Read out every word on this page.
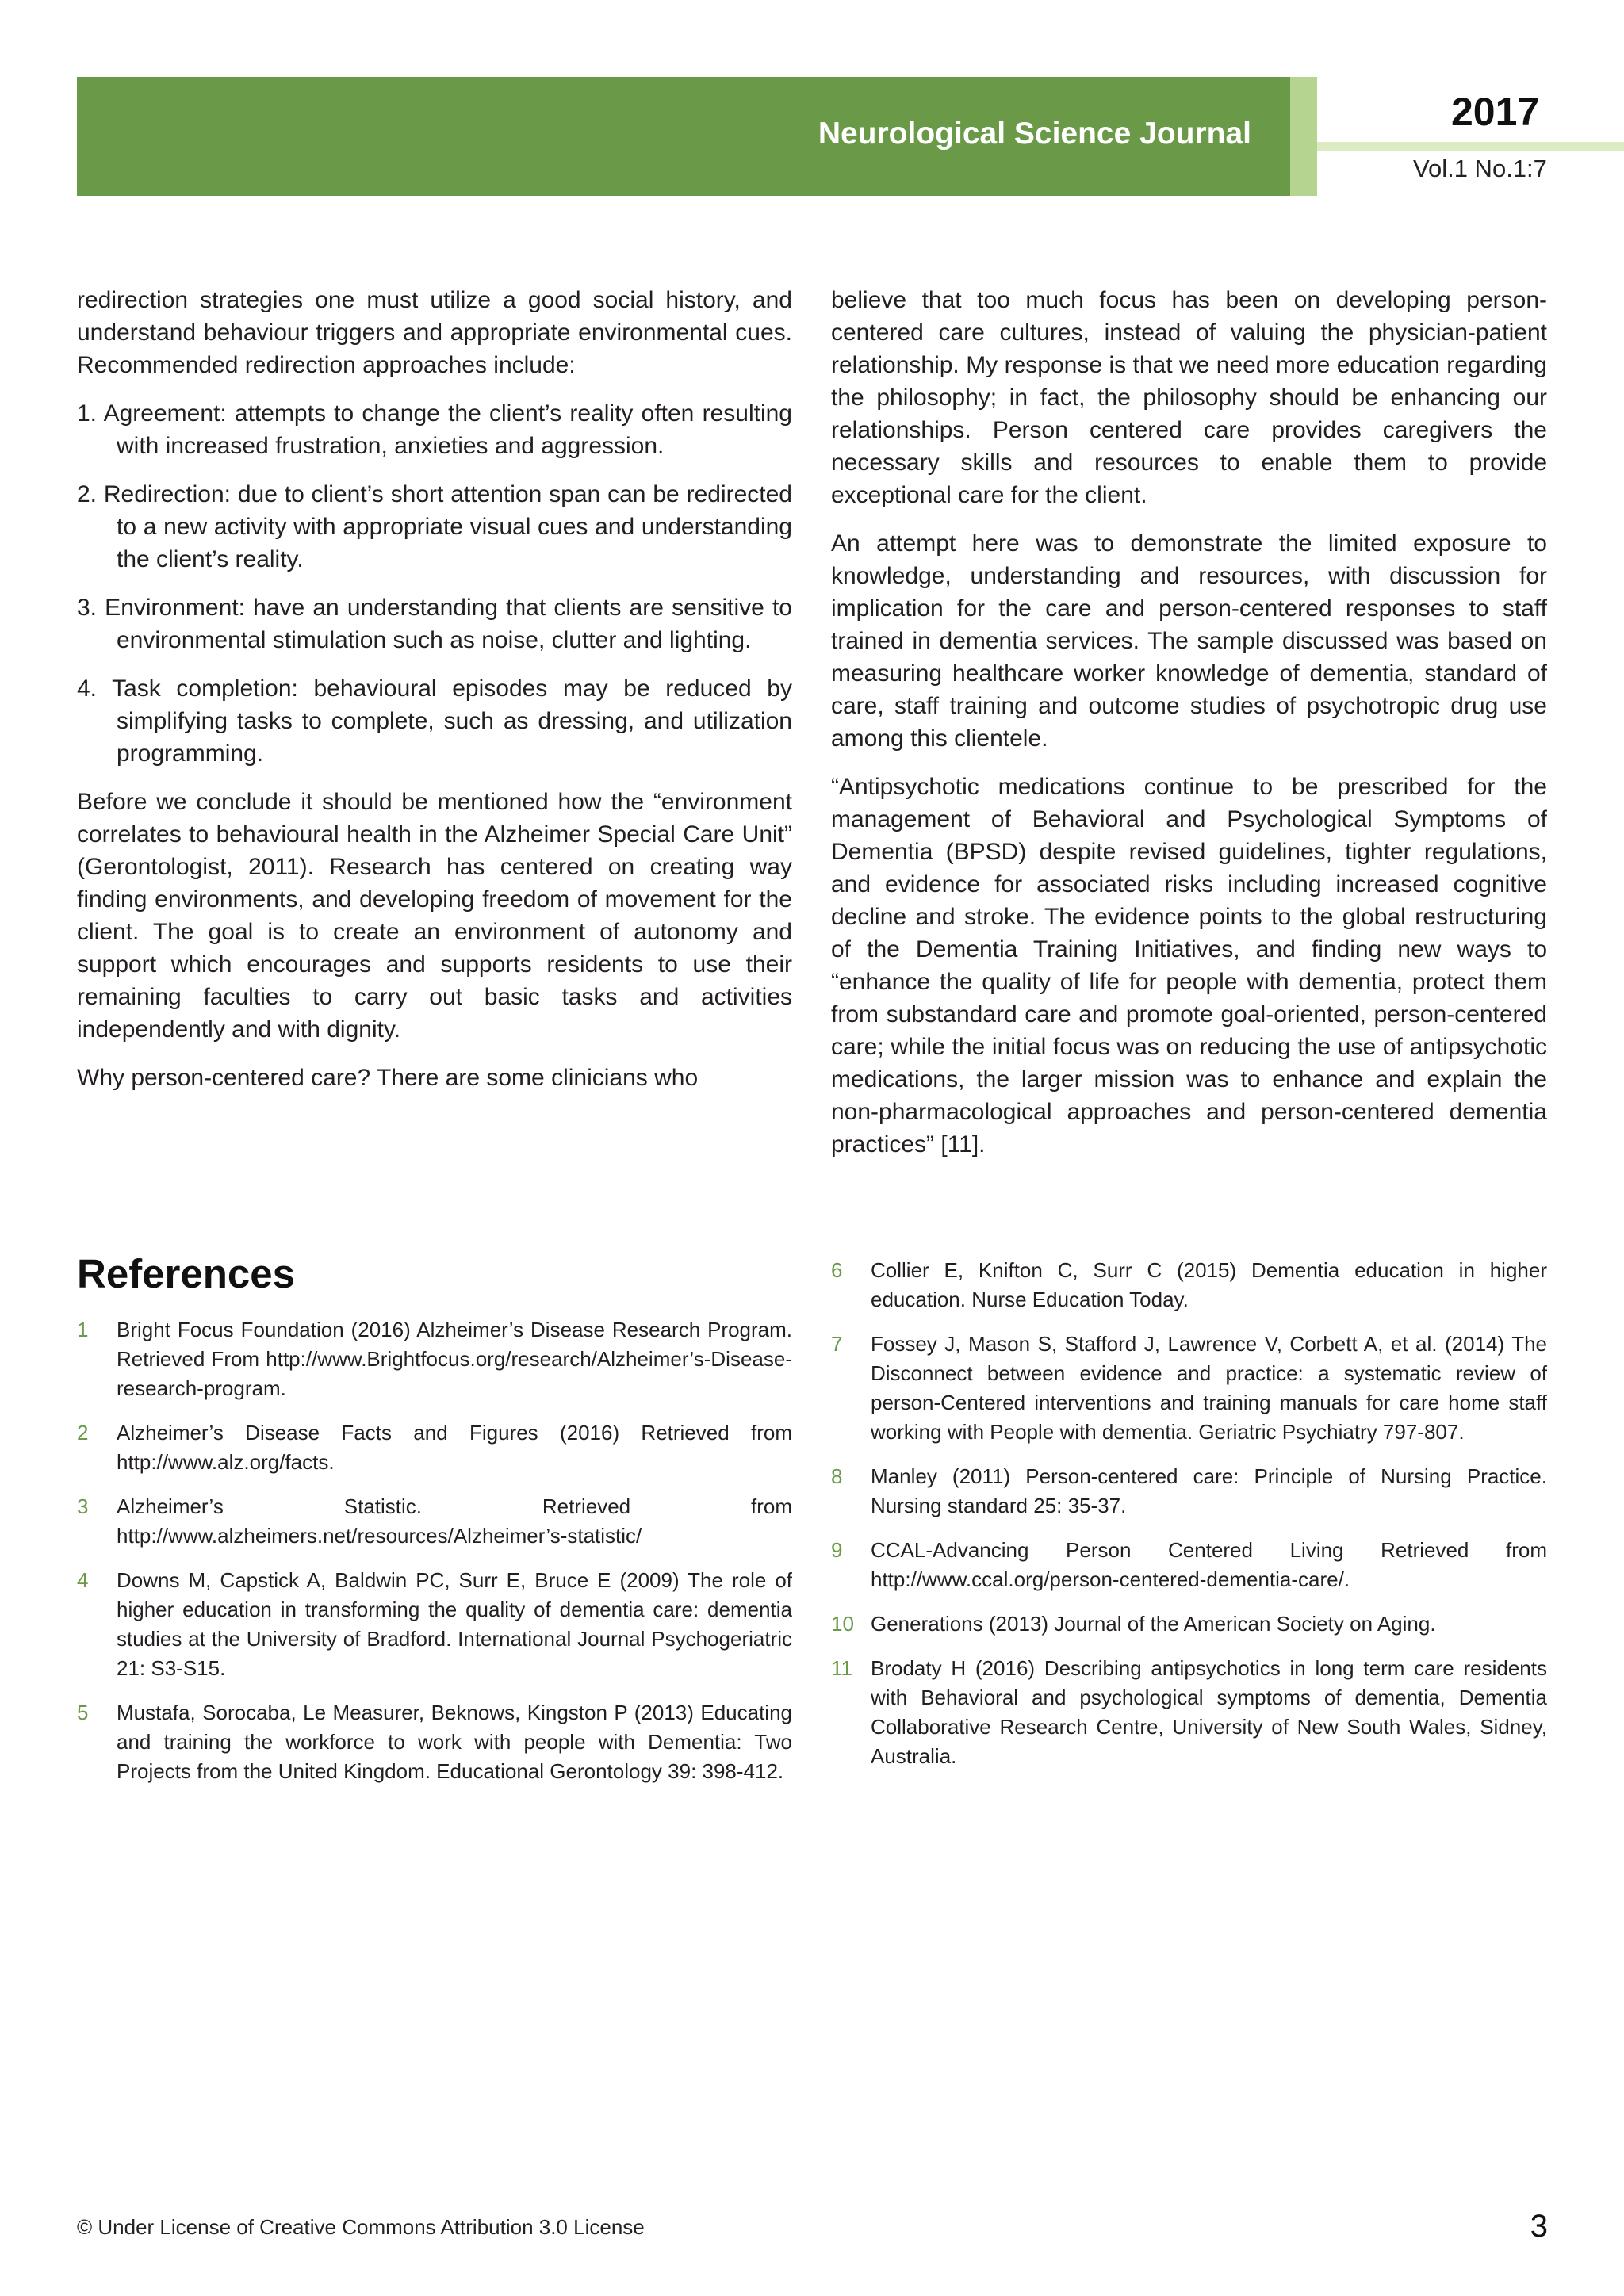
Neurological Science Journal	2017
Vol.1 No.1:7

redirection strategies one must utilize a good social history, and understand behaviour triggers and appropriate environmental cues. Recommended redirection approaches include:

1. Agreement: attempts to change the client’s reality often resulting with increased frustration, anxieties and aggression.
2. Redirection: due to client’s short attention span can be redirected to a new activity with appropriate visual cues and understanding the client’s reality.
3. Environment: have an understanding that clients are sensitive to environmental stimulation such as noise, clutter and lighting.
4. Task completion: behavioural episodes may be reduced by simplifying tasks to complete, such as dressing, and utilization programming.

Before we conclude it should be mentioned how the “environment correlates to behavioural health in the Alzheimer Special Care Unit” (Gerontologist, 2011). Research has centered on creating way finding environments, and developing freedom of movement for the client. The goal is to create an environment of autonomy and support which encourages and supports residents to use their remaining faculties to carry out basic tasks and activities independently and with dignity.

Why person-centered care? There are some clinicians who

believe that too much focus has been on developing person-centered care cultures, instead of valuing the physician-patient relationship. My response is that we need more education regarding the philosophy; in fact, the philosophy should be enhancing our relationships. Person centered care provides caregivers the necessary skills and resources to enable them to provide exceptional care for the client.

An attempt here was to demonstrate the limited exposure to knowledge, understanding and resources, with discussion for implication for the care and person-centered responses to staff trained in dementia services. The sample discussed was based on measuring healthcare worker knowledge of dementia, standard of care, staff training and outcome studies of psychotropic drug use among this clientele.

“Antipsychotic medications continue to be prescribed for the management of Behavioral and Psychological Symptoms of Dementia (BPSD) despite revised guidelines, tighter regulations, and evidence for associated risks including increased cognitive decline and stroke. The evidence points to the global restructuring of the Dementia Training Initiatives, and finding new ways to “enhance the quality of life for people with dementia, protect them from substandard care and promote goal-oriented, person-centered care; while the initial focus was on reducing the use of antipsychotic medications, the larger mission was to enhance and explain the non-pharmacological approaches and person-centered dementia practices” [11].

References
1 Bright Focus Foundation (2016) Alzheimer’s Disease Research Program. Retrieved From http://www.Brightfocus.org/research/Alzheimer’s-Disease-research-program.
2 Alzheimer’s Disease Facts and Figures (2016) Retrieved from http://www.alz.org/facts.
3 Alzheimer’s Statistic. Retrieved from http://www.alzheimers.net/resources/Alzheimer’s-statistic/
4 Downs M, Capstick A, Baldwin PC, Surr E, Bruce E (2009) The role of higher education in transforming the quality of dementia care: dementia studies at the University of Bradford. International Journal Psychogeriatric 21: S3-S15.
5 Mustafa, Sorocaba, Le Measurer, Beknows, Kingston P (2013) Educating and training the workforce to work with people with Dementia: Two Projects from the United Kingdom. Educational Gerontology 39: 398-412.
6 Collier E, Knifton C, Surr C (2015) Dementia education in higher education. Nurse Education Today.
7 Fossey J, Mason S, Stafford J, Lawrence V, Corbett A, et al. (2014) The Disconnect between evidence and practice: a systematic review of person-Centered interventions and training manuals for care home staff working with People with dementia. Geriatric Psychiatry 797-807.
8 Manley (2011) Person-centered care: Principle of Nursing Practice. Nursing standard 25: 35-37.
9 CCAL-Advancing Person Centered Living Retrieved from http://www.ccal.org/person-centered-dementia-care/.
10 Generations (2013) Journal of the American Society on Aging.
11 Brodaty H (2016) Describing antipsychotics in long term care residents with Behavioral and psychological symptoms of dementia, Dementia Collaborative Research Centre, University of New South Wales, Sidney, Australia.
© Under License of Creative Commons Attribution 3.0 License	3
